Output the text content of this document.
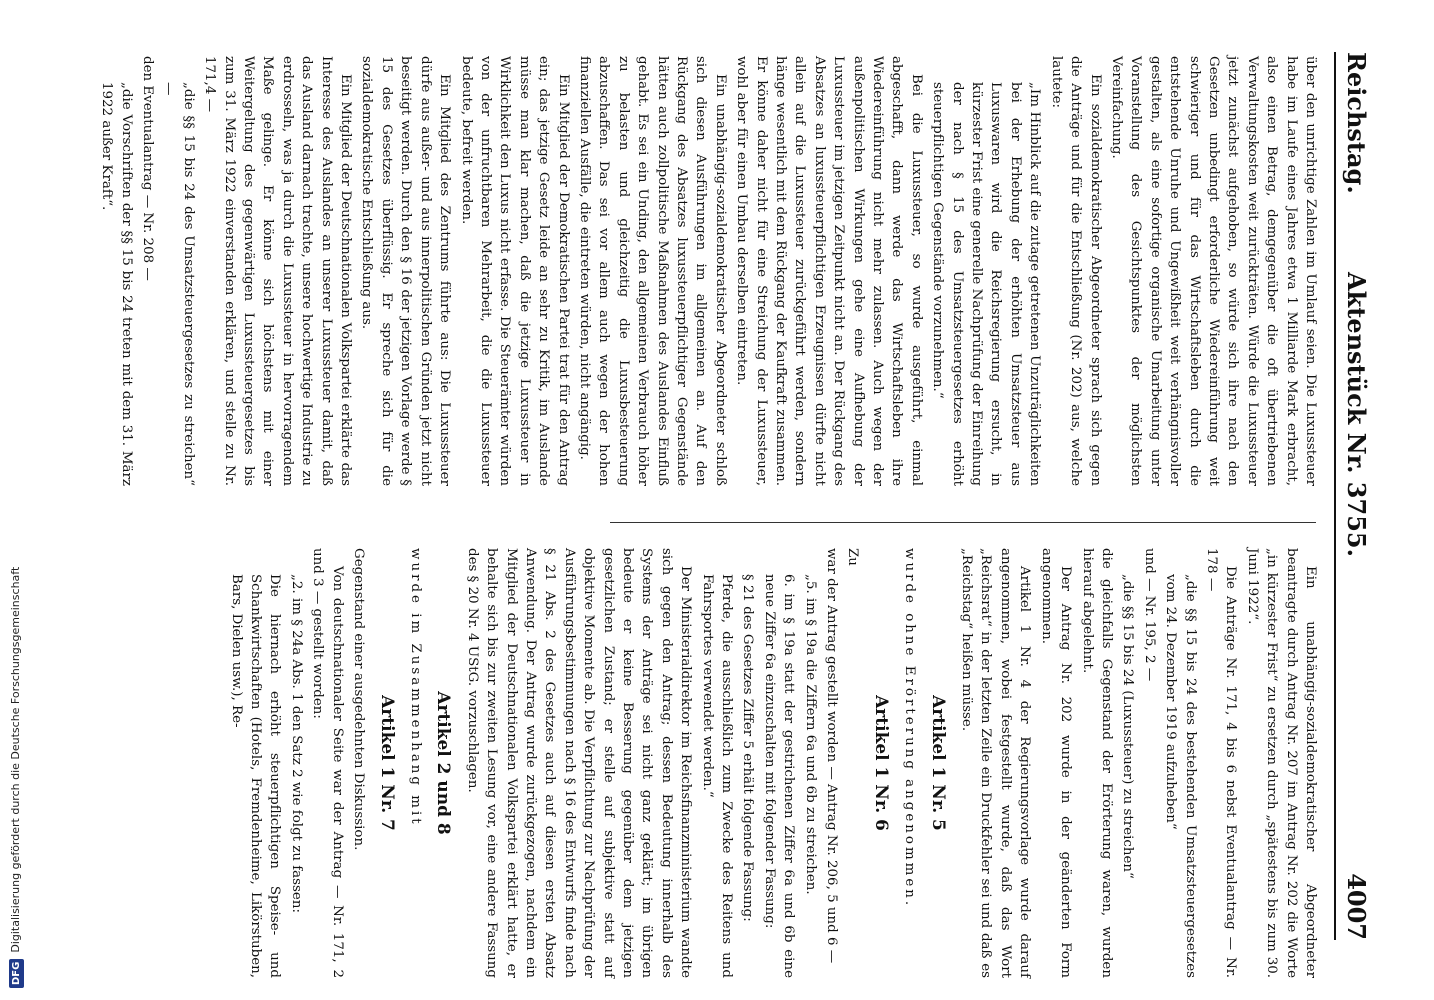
DFGDigitalisierung gefördert durch die Deutsche Forschungsgemeinschaft
Reichstag.
Aktenstück Nr. 3755.
4007

über den unrichtige Zahlen im Umlauf seien. Die Luxussteuer habe im Laufe eines Jahres etwa 1 Milliarde Mark erbracht, also einen Betrag, demgegenüber die oft übertriebenen Verwaltungskosten weit zurückträten. Würde die Luxussteuer jetzt zunächst aufgehoben, so würde sich ihre nach den Gesetzen unbedingt erforderliche Wiedereinführung weit schwieriger und für das Wirtschaftsleben durch die entstehende Unruhe und Ungewißheit weit verhängnisvoller gestalten, als eine sofortige organische Umarbeitung unter Voranstellung des Gesichtspunktes der möglichsten Vereinfachung.

Ein sozialdemokratischer Abgeordneter sprach sich gegen die Anträge und für die Entschließung (Nr. 202) aus, welche lautete:

„Im Hinblick auf die zutage getretenen Unzuträglichkeiten bei der Erhebung der erhöhten Umsatzsteuer aus Luxuswaren wird die Reichsregierung ersucht, in kürzester Frist eine generelle Nachprüfung der Einreihung der nach § 15 des Umsatzsteuergesetzes erhöht steuerpflichtigen Gegenstände vorzunehmen.“

Bei die Luxussteuer, so wurde ausgeführt, einmal abgeschafft, dann werde das Wirtschaftsleben ihre Wiedereinführung nicht mehr zulassen. Auch wegen der außenpolitischen Wirkungen gehe eine Aufhebung der Luxussteuer im jetzigen Zeitpunkt nicht an. Der Rückgang des Absatzes an luxussteuerpflichtigen Erzeugnissen dürfte nicht allein auf die Luxussteuer zurückgeführt werden, sondern hänge wesentlich mit dem Rückgang der Kaufkraft zusammen. Er könne daher nicht für eine Streichung der Luxussteuer, wohl aber für einen Umbau derselben eintreten.

Ein unabhängig-sozialdemokratischer Abgeordneter schloß sich diesen Ausführungen im allgemeinen an. Auf den Rückgang des Absatzes luxussteuerpflichtiger Gegenstände hätten auch zollpolitische Maßnahmen des Auslandes Einfluß gehabt. Es sei ein Unding, den allgemeinen Verbrauch höher zu belasten und gleichzeitig die Luxusbesteuerung abzuschaffen. Das sei vor allem auch wegen der hohen finanziellen Ausfälle, die eintreten würden, nicht angängig.

Ein Mitglied der Demokratischen Partei trat für den Antrag ein; das jetzige Gesetz leide an sehr zu Kritik, im Auslande müsse man klar machen, daß die jetzige Luxussteuer in Wirklichkeit den Luxus nicht erfasse. Die Steuerämter würden von der unfruchtbaren Mehrarbeit, die die Luxussteuer bedeute, befreit werden.

Ein Mitglied des Zentrums führte aus: Die Luxussteuer dürfe aus außer- und aus innerpolitischen Gründen jetzt nicht beseitigt werden. Durch den § 16 der jetzigen Vorlage werde § 15 des Gesetzes überflüssig. Er spreche sich für die sozialdemokratische Entschließung aus.

Ein Mitglied der Deutschnationalen Volkspartei erklärte das Interesse des Auslandes an unserer Luxussteuer damit, daß das Ausland darnach trachte, unsere hochwertige Industrie zu erdrosseln, was ja durch die Luxussteuer in hervorragendem Maße gelinge. Er könne sich höchstens mit einer Weitergeltung des gegenwärtigen Luxussteuergesetzes bis zum 31. März 1922 einverstanden erklären, und stelle zu Nr. 171,4 —

„die §§ 15 bis 24 des Umsatzsteuergesetzes zu streichen“ —

den Eventualantrag — Nr. 208 —

„die Vorschriften der §§ 15 bis 24 treten mit dem 31. März 1922 außer Kraft“.

Ein unabhängig-sozialdemokratischer Abgeordneter beantragte durch Antrag Nr. 207 im Antrag Nr. 202 die Worte „in kürzester Frist“ zu ersetzen durch „spätestens bis zum 30. Juni 1922“.

Die Anträge Nr. 171, 4 bis 6 nebst Eventualantrag — Nr. 178 —

„die §§ 15 bis 24 des bestehenden Umsatzsteuergesetzes vom 24. Dezember 1919 aufzuheben“

und — Nr. 195, 2 —

„die §§ 15 bis 24 (Luxussteuer) zu streichen“

die gleichfalls Gegenstand der Erörterung waren, wurden hierauf abgelehnt.

Der Antrag Nr. 202 wurde in der geänderten Form angenommen.

Artikel 1 Nr. 4 der Regierungsvorlage wurde darauf angenommen, wobei festgestellt wurde, daß das Wort „Reichsrat“ in der letzten Zeile ein Druckfehler sei und daß es „Reichstag“ heißen müsse.

Artikel 1 Nr. 5

wurde ohne Erörterung angenommen.

Artikel 1 Nr. 6

Zu

war der Antrag gestellt worden — Antrag Nr. 206, 5 und 6 —

„5. im § 19a die Ziffern 6a und 6b zu streichen.

6. im § 19a statt der gestrichenen Ziffer 6a und 6b eine neue Ziffer 6a einzuschalten mit folgender Fassung:

§ 21 des Gesetzes Ziffer 5 erhält folgende Fassung:

Pferde, die ausschließlich zum Zwecke des Reitens und Fahrsportes verwendet werden.“

Der Ministerialdirektor im Reichsfinanzministerium wandte sich gegen den Antrag; dessen Bedeutung innerhalb des Systems der Anträge sei nicht ganz geklärt; im übrigen bedeute er keine Besserung gegenüber dem jetzigen gesetzlichen Zustand; er stelle auf subjektive statt auf objektive Momente ab. Die Verpflichtung zur Nachprüfung der Ausführungsbestimmungen nach § 16 des Entwurfs finde nach § 21 Abs. 2 des Gesetzes auch auf diesen ersten Absatz Anwendung. Der Antrag wurde zurückgezogen, nachdem ein Mitglied der Deutschnationalen Volkspartei erklärt hatte, er behalte sich bis zur zweiten Lesung vor, eine andere Fassung des § 20 Nr. 4 UStG. vorzuschlagen.

Artikel 2 und 8

wurde im Zusammenhang mit

Artikel 1 Nr. 7

Gegenstand einer ausgedehnten Diskussion.

Von deutschnationaler Seite war der Antrag — Nr. 171, 2 und 3 — gestellt worden:

„2. im § 24a Abs. 1 den Satz 2 wie folgt zu fassen:

Die hiernach erhöht steuerpflichtigen Speise- und Schankwirtschaften (Hotels, Fremdenheime, Likörstuben, Bars, Dielen usw.), Re-
